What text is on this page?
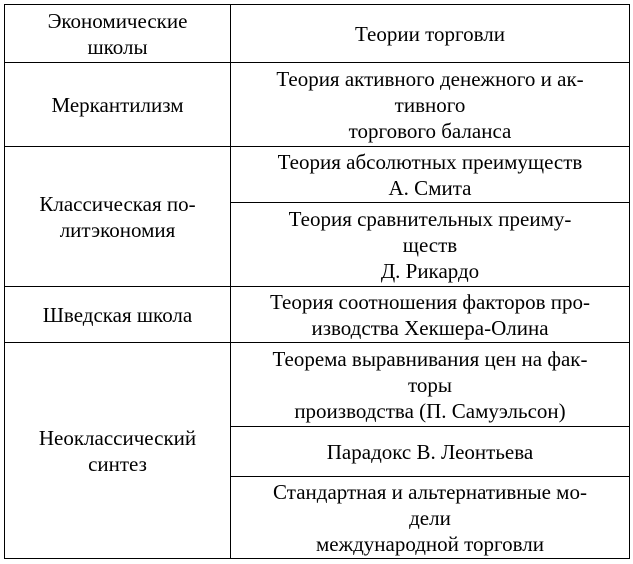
Экономические
школы	Теории торговли

Меркантилизм	Теория активного денежного и ак-
тивного
торгового баланса

Классическая по-
литэкономия	Теория абсолютных преимуществ
А. Смита

	Теория сравнительных преиму-
ществ
Д. Рикардо

Шведская школа	Теория соотношения факторов про-
изводства Хекшера-Олина

Неоклассический
синтез	Теорема выравнивания цен на фак-
торы
производства (П. Самуэльсон)

	Парадокс В. Леонтьева

	Стандартная и альтернативные мо-
дели
международной торговли
